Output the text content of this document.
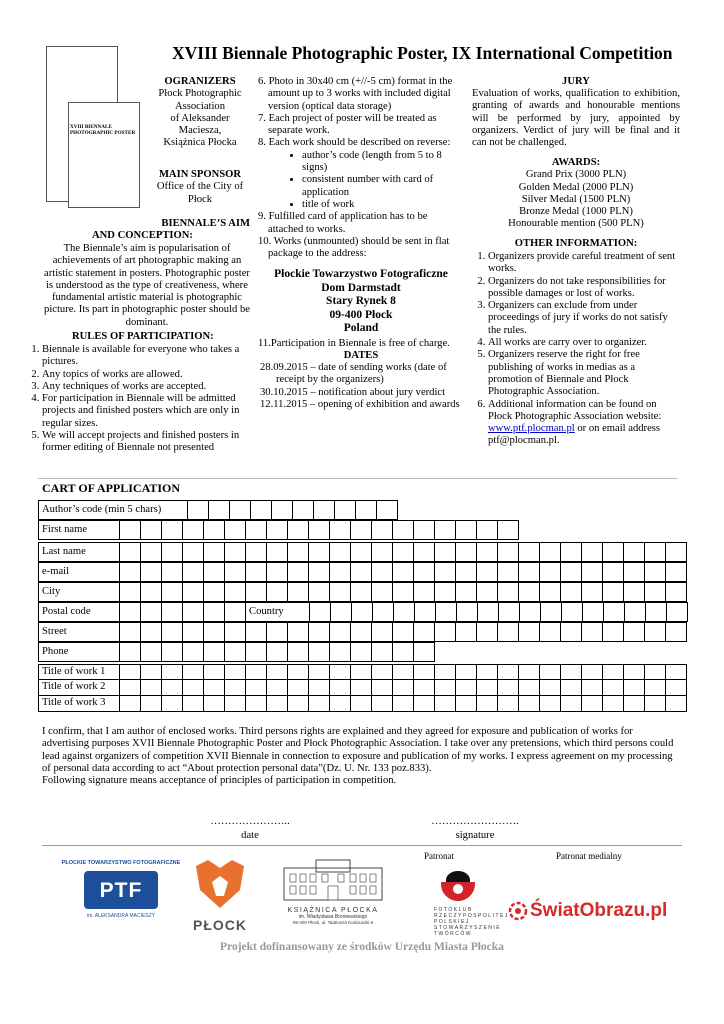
XVIII BIENNALE PHOTOGRAPHIC POSTER
XVIII Biennale Photographic Poster, IX International Competition
OGRANIZERS
Płock Photographic
Association
of Aleksander
Maciesza,
Książnica Płocka
MAIN SPONSOR
Office of the City of
Płock
BIENNALE’S AIM
AND CONCEPTION:
The Biennale’s aim is popularisation of achievements of art photographic making an artistic statement in posters. Photographic poster is understood as the type of creativeness, where fundamental artistic material is photographic picture. Its part in photographic poster should be dominant.
RULES OF PARTICIPATION:
1. Biennale is available for everyone who takes a pictures.
2. Any topics of works are allowed.
3. Any techniques of works are accepted.
4. For participation in Biennale will be admitted projects and finished posters which are only in regular sizes.
5. We will accept projects and finished posters in former editing of Biennale not presented
6. Photo in 30x40 cm (+//-5 cm) format in the amount up to 3 works with included digital version (optical data storage)
7. Each project of poster will be treated as separate work.
8. Each work should be described on reverse:
• author’s code (length from 5 to 8 signs)
• consistent number with card of application
• title of work
9. Fulfilled card of application has to be attached to works.
10. Works (unmounted) should be sent in flat package to the address:
Płockie Towarzystwo Fotograficzne
Dom Darmstadt
Stary Rynek 8
09-400 Płock
Poland
11.Participation in Biennale is free of charge.
DATES
28.09.2015 – date of sending works (date of receipt by the organizers)
30.10.2015 – notification about jury verdict
12.11.2015 – opening of exhibition and awards
JURY
Evaluation of works, qualification to exhibition, granting of awards and honourable mentions will be performed by jury, appointed by organizers. Verdict of jury will be final and it can not be challenged.
AWARDS:
Grand Prix (3000 PLN)
Golden Medal (2000 PLN)
Silver Medal (1500 PLN)
Bronze Medal (1000 PLN)
Honourable mention (500 PLN)
OTHER INFORMATION:
1. Organizers provide careful treatment of sent works.
2. Organizers do not take responsibilities for possible damages or lost of works.
3. Organizers can exclude from under proceedings of jury if works do not satisfy the rules.
4. All works are carry over to organizer.
5. Organizers reserve the right for free publishing of works in medias as a promotion of Biennale and Płock Photographic Association.
6. Additional information can be found on Płock Photographic Association website:
www.ptf.plocman.pl or on email address
ptf@plocman.pl.
CART OF APPLICATION
Author’s code (min 5 chars)
First name
Last name
e-mail
City
Postal code	Country
Street
Phone
Title of work 1
Title of work 2
Title of work 3
I confirm, that I am author of enclosed works. Third persons rights are explained and they agreed for exposure and publication of works for advertising purposes XVII Biennale Photographic Poster and Płock Photographic Association. I take over any pretensions, which third persons could lead against organizers of competition XVII Biennale in connection to exposure and publication of my works. I express agreement on my processing of personal data according to act “About protection personal data”(Dz. U. Nr. 133 poz.833).
Following signature means acceptance of principles of participation in competition.
…………………..
date
…………………….
signature
Patronat	Patronat medialny
PŁOCKIE TOWARZYSTWO FOTOGRAFICZNE
PTF
im. ALEKSANDRA MACIESZY
PŁOCK
KSIĄŻNICA PŁOCKA
im. Władysława Broniewskiego
09-400 Płock, ul. Tadeusza Kościuszki 6
FOTOKLUB
RZECZYPOSPOLITEJ
POLSKIEJ
STOWARZYSZENIE
TWÓRCÓW
ŚwiatObrazu.pl
Projekt dofinansowany ze środków Urzędu Miasta Płocka
